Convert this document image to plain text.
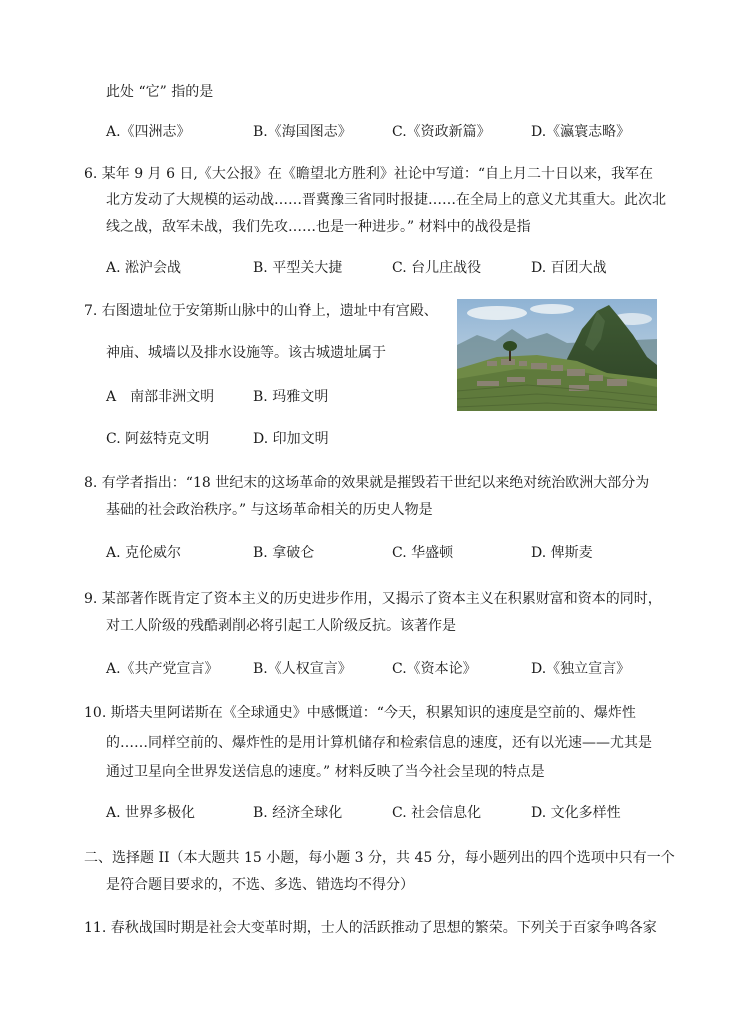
此处 “它” 指的是
A.《四洲志》	B.《海国图志》	C.《资政新篇》	D.《瀛寰志略》
6. 某年 9 月 6 日,《大公报》在《瞻望北方胜利》社论中写道：“自上月二十日以来，我军在
北方发动了大规模的运动战……晋冀豫三省同时报捷……在全局上的意义尤其重大。此次北
线之战，敌军未战，我们先攻……也是一种进步。” 材料中的战役是指
A. 淞沪会战	B. 平型关大捷	C. 台儿庄战役	D. 百团大战
7. 右图遗址位于安第斯山脉中的山脊上，遗址中有宫殿、
神庙、城墙以及排水设施等。该古城遗址属于
A　南部非洲文明	B. 玛雅文明
C. 阿兹特克文明	D. 印加文明
8. 有学者指出：“18 世纪末的这场革命的效果就是摧毁若干世纪以来绝对统治欧洲大部分为
基础的社会政治秩序。” 与这场革命相关的历史人物是
A. 克伦威尔	B. 拿破仑	C. 华盛顿	D. 俾斯麦
9. 某部著作既肯定了资本主义的历史进步作用，又揭示了资本主义在积累财富和资本的同时，
对工人阶级的残酷剥削必将引起工人阶级反抗。该著作是
A.《共产党宣言》 B.《人权宣言》	C.《资本论》	D.《独立宣言》
10. 斯塔夫里阿诺斯在《全球通史》中感慨道：“今天，积累知识的速度是空前的、爆炸性
的……同样空前的、爆炸性的是用计算机储存和检索信息的速度，还有以光速——尤其是
通过卫星向全世界发送信息的速度。” 材料反映了当今社会呈现的特点是
A. 世界多极化	B. 经济全球化	C. 社会信息化	D. 文化多样性
二、选择题 II（本大题共 15 小题，每小题 3 分，共 45 分，每小题列出的四个选项中只有一个
是符合题目要求的，不选、多选、错选均不得分）
11. 春秋战国时期是社会大变革时期，士人的活跃推动了思想的繁荣。下列关于百家争鸣各家
